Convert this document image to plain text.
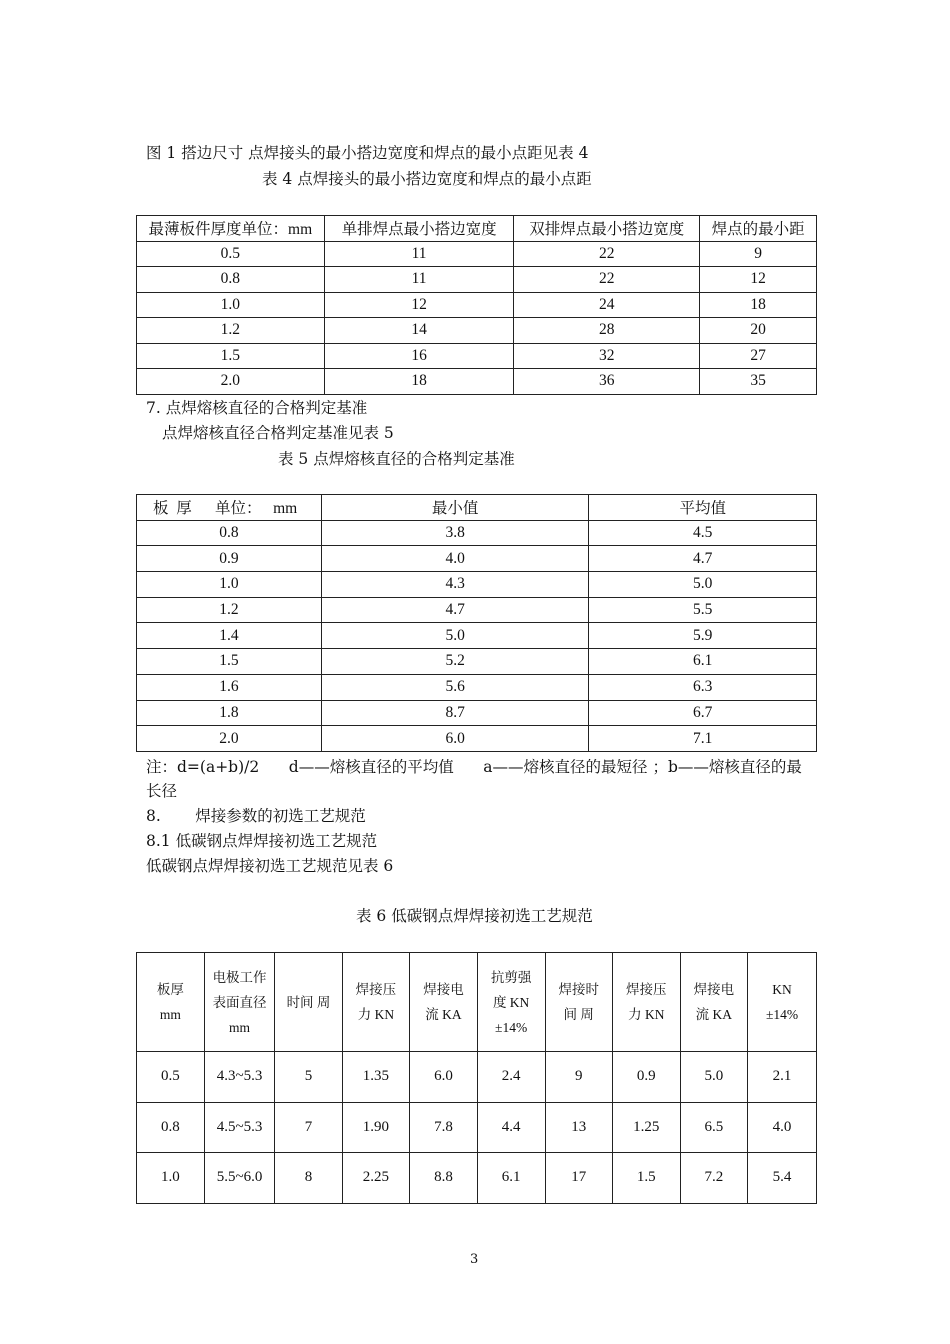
图 1 搭边尺寸 点焊接头的最小搭边宽度和焊点的最小点距见表 4
表 4 点焊接头的最小搭边宽度和焊点的最小点距
最薄板件厚度单位：mm	单排焊点最小搭边宽度	双排焊点最小搭边宽度	焊点的最小距
0.5	11	22	9
0.8	11	22	12
1.0	12	24	18
1.2	14	28	20
1.5	16	32	27
2.0	18	36	35
7. 点焊熔核直径的合格判定基准
点焊熔核直径合格判定基准见表 5
表 5 点焊熔核直径的合格判定基准
板  厚      单位：   mm	最小值	平均值
0.8	3.8	4.5
0.9	4.0	4.7
1.0	4.3	5.0
1.2	4.7	5.5
1.4	5.0	5.9
1.5	5.2	6.1
1.6	5.6	6.3
1.8	8.7	6.7
2.0	6.0	7.1
注：d=(a+b)/2      d——熔核直径的平均值      a——熔核直径的最短径 ；b——熔核直径的最
长径
8.       焊接参数的初选工艺规范
8.1 低碳钢点焊焊接初选工艺规范
低碳钢点焊焊接初选工艺规范见表 6
表 6 低碳钢点焊焊接初选工艺规范
板厚 mm	电极工作表面直径 mm	时间 周	焊接压力 KN	焊接电流 KA	抗剪强度 KN ±14%	焊接时间 周	焊接压力 KN	焊接电流 KA	KN ±14%
0.5	4.3~5.3	5	1.35	6.0	2.4	9	0.9	5.0	2.1
0.8	4.5~5.3	7	1.90	7.8	4.4	13	1.25	6.5	4.0
1.0	5.5~6.0	8	2.25	8.8	6.1	17	1.5	7.2	5.4
3
